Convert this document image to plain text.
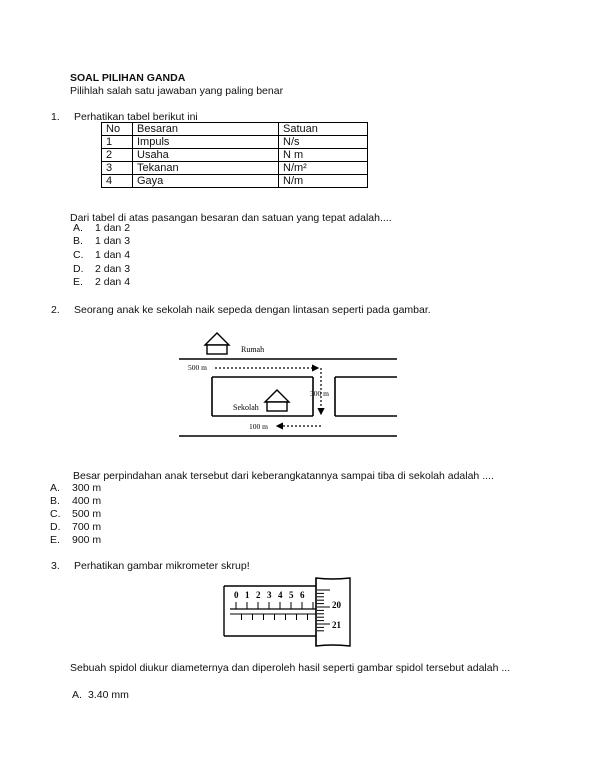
SOAL PILIHAN GANDA
Pilihlah salah satu jawaban yang paling benar
1. Perhatikan tabel berikut ini
No	Besaran	Satuan
1	Impuls	N/s
2	Usaha	N m
3	Tekanan	N/m²
4	Gaya	N/m
Dari tabel di atas pasangan besaran dan satuan yang tepat adalah....
A. 1 dan 2
B. 1 dan 3
C. 1 dan 4
D. 2 dan 3
E. 2 dan 4
2. Seorang anak ke sekolah naik sepeda dengan lintasan seperti pada gambar.
Rumah
Sekolah
500 m
300 m
100 m
Besar perpindahan anak tersebut dari keberangkatannya sampai tiba di sekolah adalah ....
A. 300 m
B. 400 m
C. 500 m
D. 700 m
E. 900 m
3. Perhatikan gambar mikrometer skrup!
0 1 2 3 4 5 6
20
21
Sebuah spidol diukur diameternya dan diperoleh hasil seperti gambar spidol tersebut adalah ...
A. 3.40 mm
